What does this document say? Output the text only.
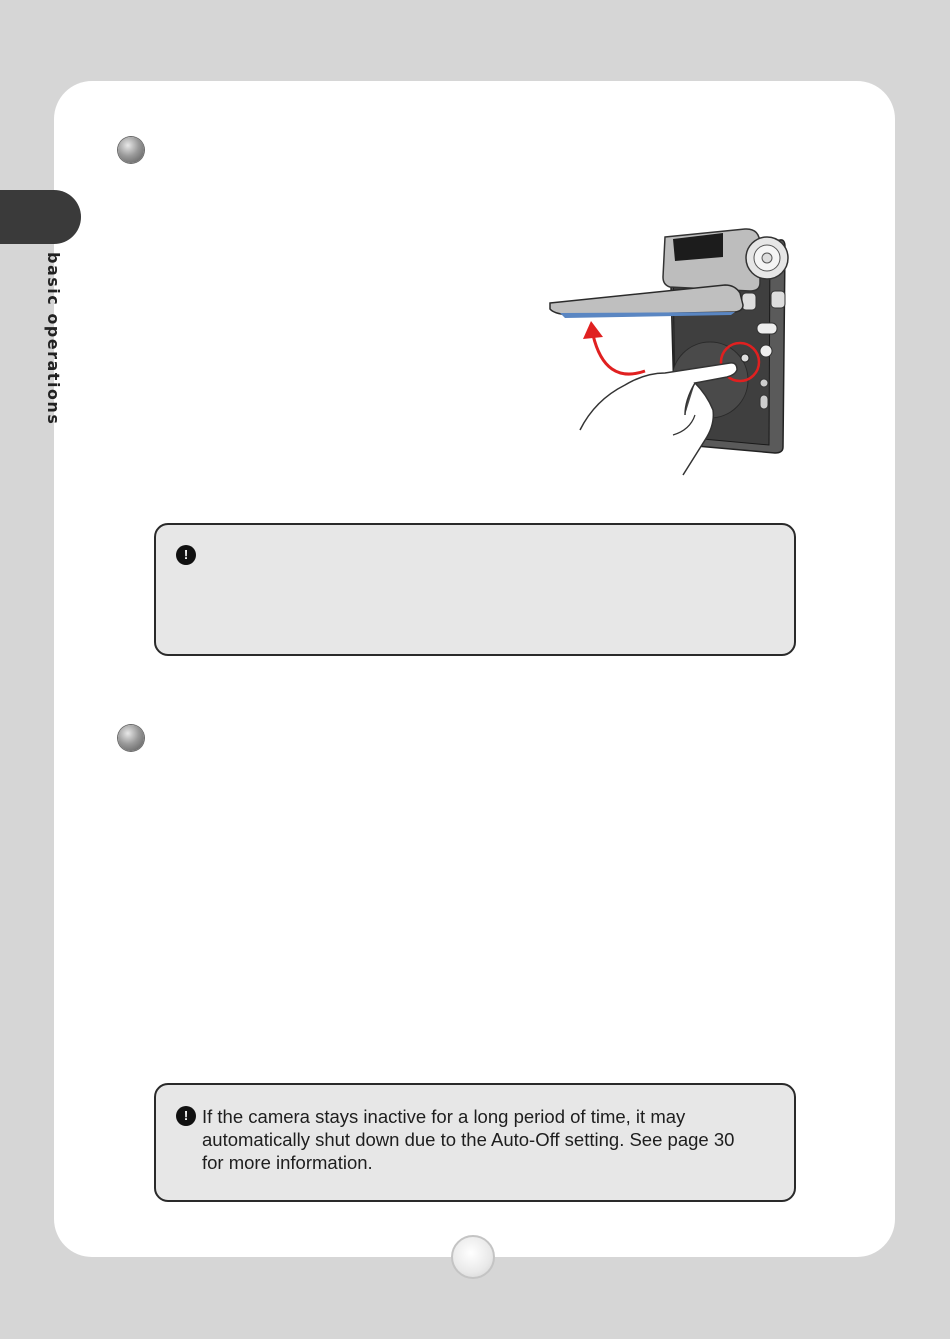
basic operations
!
! If the camera stays inactive for a long period of time, it may
automatically shut down due to the Auto-Off setting. See page 30
for more information.
